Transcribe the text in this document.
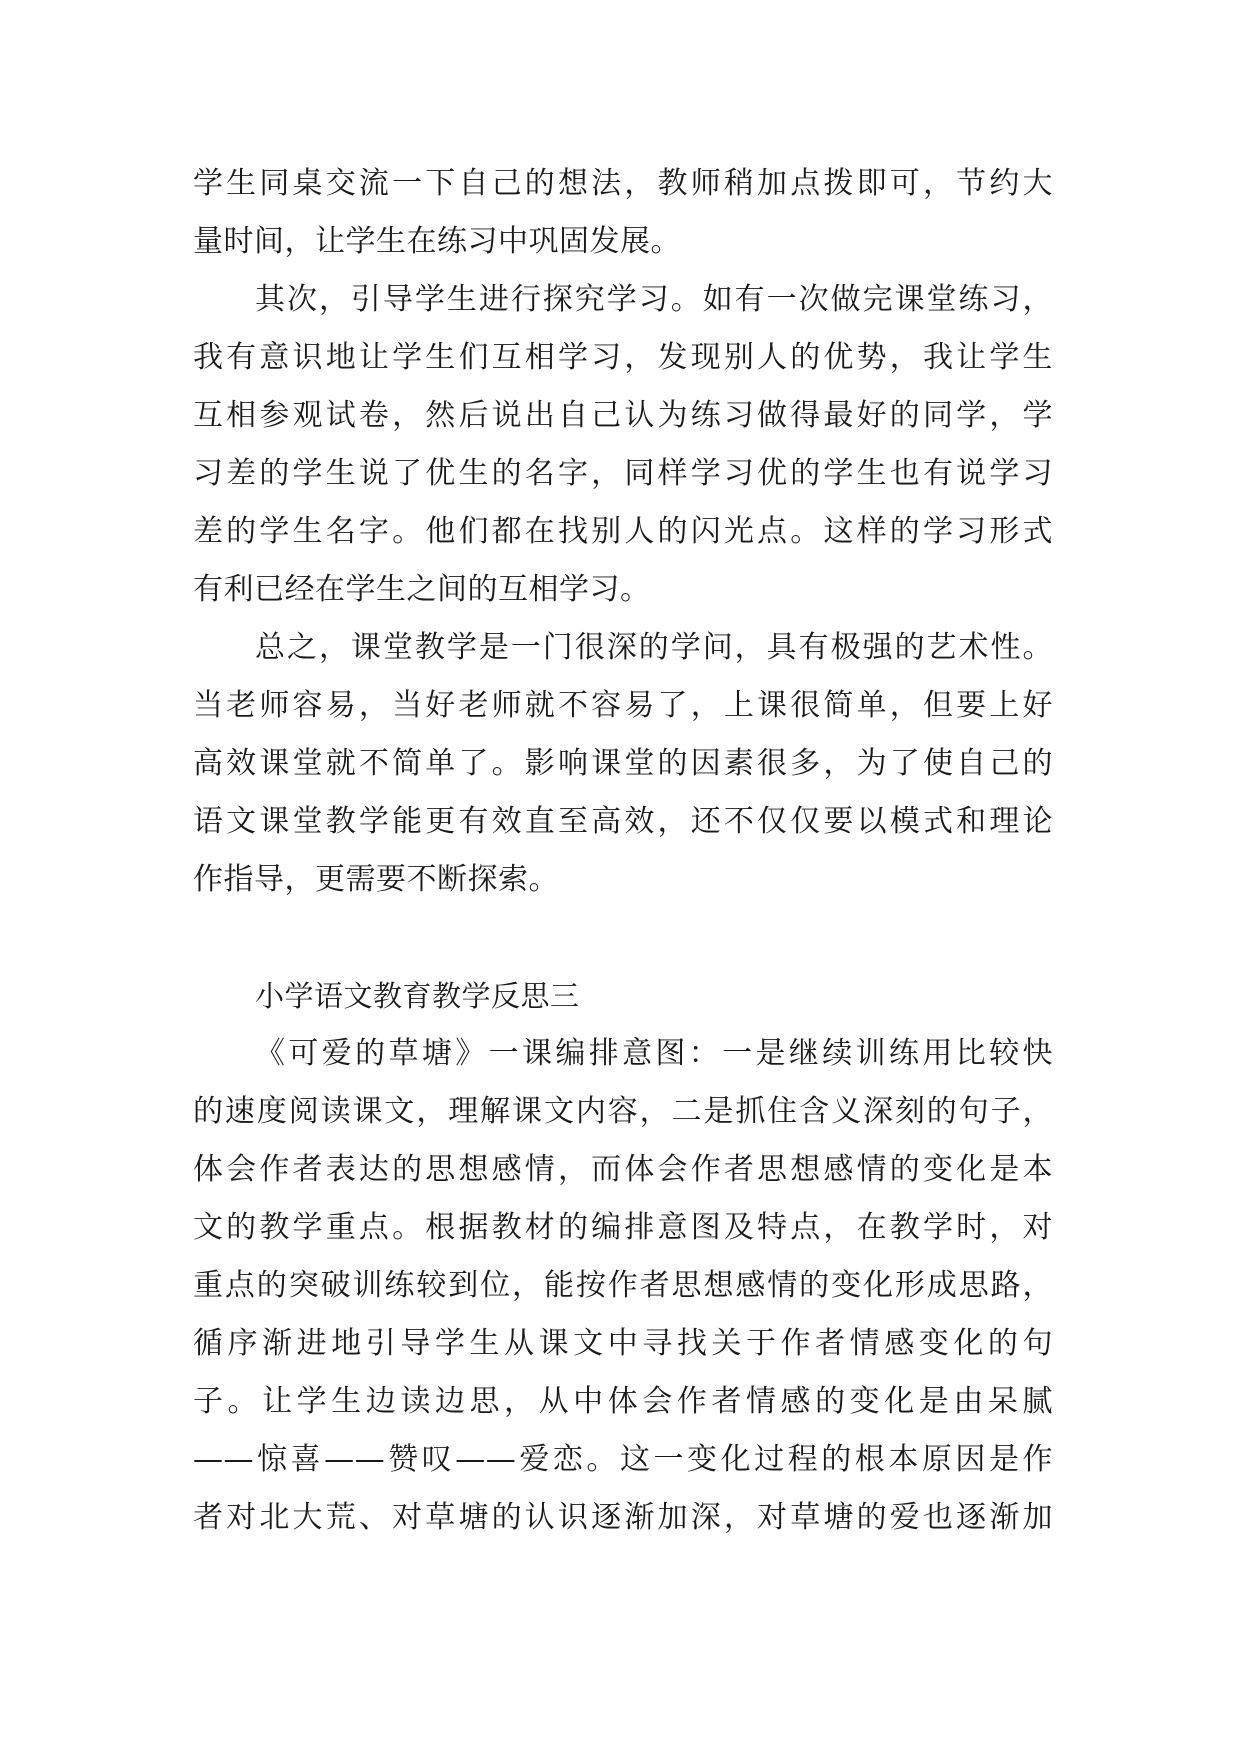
学生同桌交流一下自己的想法，教师稍加点拨即可，节约大
量时间，让学生在练习中巩固发展。
其次，引导学生进行探究学习。如有一次做完课堂练习，
我有意识地让学生们互相学习，发现别人的优势，我让学生
互相参观试卷，然后说出自己认为练习做得最好的同学，学
习差的学生说了优生的名字，同样学习优的学生也有说学习
差的学生名字。他们都在找别人的闪光点。这样的学习形式
有利已经在学生之间的互相学习。
总之，课堂教学是一门很深的学问，具有极强的艺术性。
当老师容易，当好老师就不容易了，上课很简单，但要上好
高效课堂就不简单了。影响课堂的因素很多，为了使自己的
语文课堂教学能更有效直至高效，还不仅仅要以模式和理论
作指导，更需要不断探索。
小学语文教育教学反思三
《可爱的草塘》一课编排意图：一是继续训练用比较快
的速度阅读课文，理解课文内容，二是抓住含义深刻的句子，
体会作者表达的思想感情，而体会作者思想感情的变化是本
文的教学重点。根据教材的编排意图及特点，在教学时，对
重点的突破训练较到位，能按作者思想感情的变化形成思路，
循序渐进地引导学生从课文中寻找关于作者情感变化的句
子。让学生边读边思，从中体会作者情感的变化是由呆腻
——惊喜——赞叹——爱恋。这一变化过程的根本原因是作
者对北大荒、对草塘的认识逐渐加深，对草塘的爱也逐渐加
